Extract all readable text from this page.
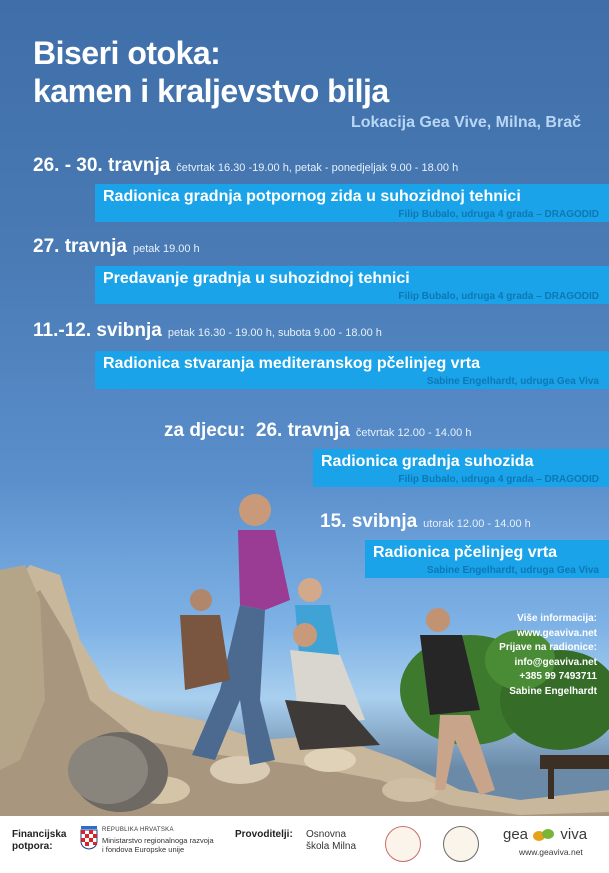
Biseri otoka:
kamen i kraljevstvo bilja
Lokacija Gea Vive, Milna, Brač
26. - 30. travnja četvrtak 16.30 -19.00 h, petak - ponedjeljak 9.00 - 18.00 h
Radionica gradnja potpornog zida u suhozidnoj tehnici
Filip Bubalo, udruga 4 grada – DRAGODID
27. travnja petak 19.00 h
Predavanje gradnja u suhozidnoj tehnici
Filip Bubalo, udruga 4 grada – DRAGODID
11.-12. svibnja petak 16.30 - 19.00 h, subota 9.00 - 18.00 h
Radionica stvaranja mediteranskog pčelinjeg vrta
Sabine Engelhardt, udruga Gea Viva
za djecu: 26. travnja četvrtak 12.00 - 14.00 h
Radionica gradnja suhozida
Filip Bubalo, udruga 4 grada – DRAGODID
15. svibnja utorak 12.00 - 14.00 h
Radionica pčelinjeg vrta
Sabine Engelhardt, udruga Gea Viva
Više informacija:
www.geaviva.net
Prijave na radionice:
info@geaviva.net
+385 99 7493711
Sabine Engelhardt
Financijska
potpora:
REPUBLIKA HRVATSKA
Ministarstvo regionalnoga razvoja
i fondova Europske unije
Provoditelji: Osnovna
škola Milna
gea viva
www.geaviva.net
